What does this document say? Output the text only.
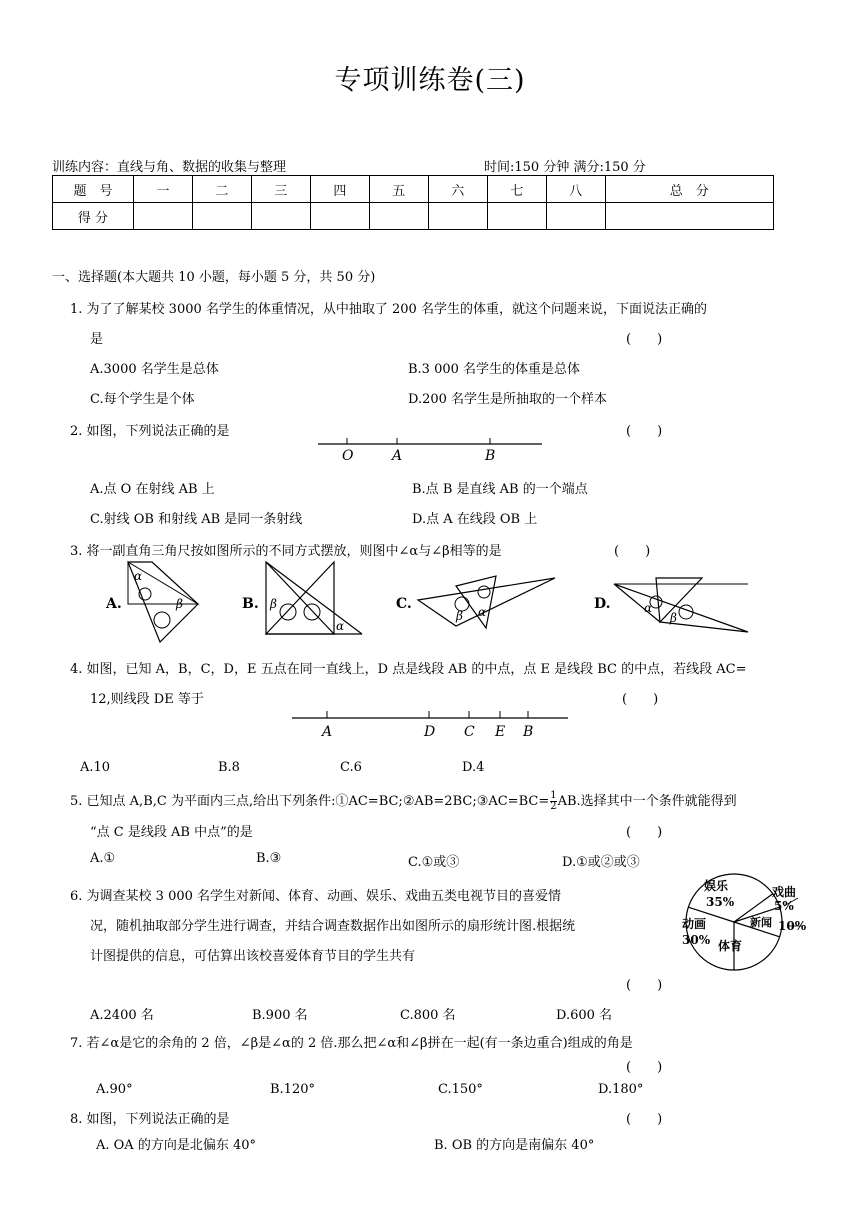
专项训练卷(三)
训练内容：直线与角、数据的收集与整理	时间:150 分钟 满分:150 分
题　号	一	二	三	四	五	六	七	八	总　分
得 分									
一、选择题(本大题共 10 小题，每小题 5 分，共 50 分)
1. 为了了解某校 3000 名学生的体重情况，从中抽取了 200 名学生的体重，就这个问题来说，下面说法正确的
是	(　　)
A.3000 名学生是总体	B.3 000 名学生的体重是总体
C.每个学生是个体	D.200 名学生是所抽取的一个样本
2. 如图，下列说法正确的是	(　　)
O	A	B
A.点 O 在射线 AB 上	B.点 B 是直线 AB 的一个端点
C.射线 OB 和射线 AB 是同一条射线	D.点 A 在线段 OB 上
3. 将一副直角三角尺按如图所示的不同方式摆放，则图中∠α与∠β相等的是	(　　)
A.
α
β	B. β
α
C.
β α	D.	α
β
4. 如图，已知 A，B，C，D，E 五点在同一直线上，D 点是线段 AB 的中点，点 E 是线段 BC 的中点，若线段 AC=
12,则线段 DE 等于	(　　)
A	D C E B
A.10	B.8	C.6	D.4
5. 已知点 A,B,C 为平面内三点,给出下列条件:①AC=BC;②AB=2BC;③AC=BC= $\frac{1}{2}$ AB.选择其中一个条件就能得到
“点 C 是线段 AB 中点”的是	(　　)
A.①	B.③	C.①或③	D.①或②或③
6. 为调查某校 3 000 名学生对新闻、体育、动画、娱乐、戏曲五类电视节目的喜爱情
况，随机抽取部分学生进行调查，并结合调查数据作出如图所示的扇形统计图.根据统
计图提供的信息，可估算出该校喜爱体育节目的学生共有
(　　)
娱乐
35%
戏曲
5%
新闻 10%
体育
动画
30%
A.2400 名	B.900 名	C.800 名	D.600 名
7. 若∠α是它的余角的 2 倍，∠β是∠α的 2 倍.那么把∠α和∠β拼在一起(有一条边重合)组成的角是
(　　)
A.90°	B.120°	C.150°	D.180°
8. 如图，下列说法正确的是	(　　)
A. OA 的方向是北偏东 40°	B. OB 的方向是南偏东 40°
